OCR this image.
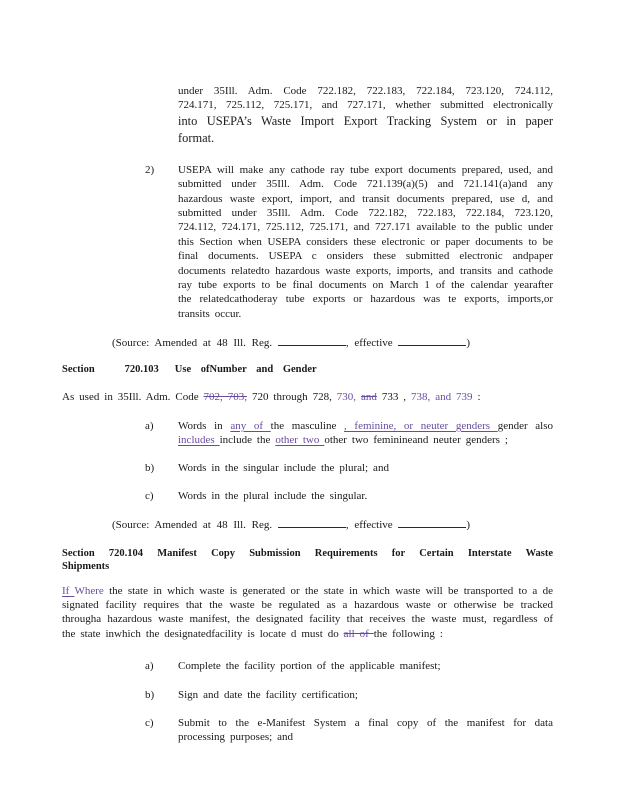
under 35Ill. Adm. Code 722.182, 722.183, 722.184, 723.120, 724.112,
724.171, 725.112, 725.171, and 727.171, whether submitted electronically
into USEPA’s Waste Import Export Tracking System or in paper format.
2)	USEPA will make any cathode ray tube export documents prepared, used, and submitted under 35Ill. Adm. Code 721.139(a)(5) and 721.141(a)and any hazardous waste export, import, and transit documents prepared, use d, and submitted under 35Ill. Adm. Code 722.182, 722.183, 722.184, 723.120, 724.112, 724.171, 725.112, 725.171, and 727.171 available to the public under this Section when USEPA considers these electronic or paper documents to be final documents. USEPA c onsiders these submitted electronic andpaper documents relatedto hazardous waste exports, imports, and transits and cathode ray tube exports to be final documents on March 1 of the calendar yearafter the relatedcathoderay tube exports or hazardous was te exports, imports,or transits occur.
(Source: Amended at 48 Ill. Reg.	, effective	)
Section	720.103 Use ofNumber and Gender
As used in 35Ill. Adm. Code 702, 703, 720 through 728, 730, and 733 , 738, and 739 :
a)	Words in any of the masculine , feminine, or neuter genders gender also includes include the other two other two feminineand neuter genders ;
b)	Words in the singular include the plural; and
c)	Words in the plural include the singular.
(Source: Amended at 48 Ill. Reg.	, effective	)
Section 720.104 Manifest Copy Submission Requirements for Certain Interstate Waste
Shipments
If Where the state in which waste is generated or the state in which waste will be transported to a de signated facility requires that the waste be regulated as a hazardous waste or otherwise be tracked througha hazardous waste manifest, the designated facility that receives the waste must, regardless of the state inwhich the designatedfacility is locate d must do all of the following :
a)	Complete the facility portion of the applicable manifest;
b)	Sign and date the facility certification;
c)	Submit to the e-Manifest System a final copy of the manifest for data processing purposes; and
